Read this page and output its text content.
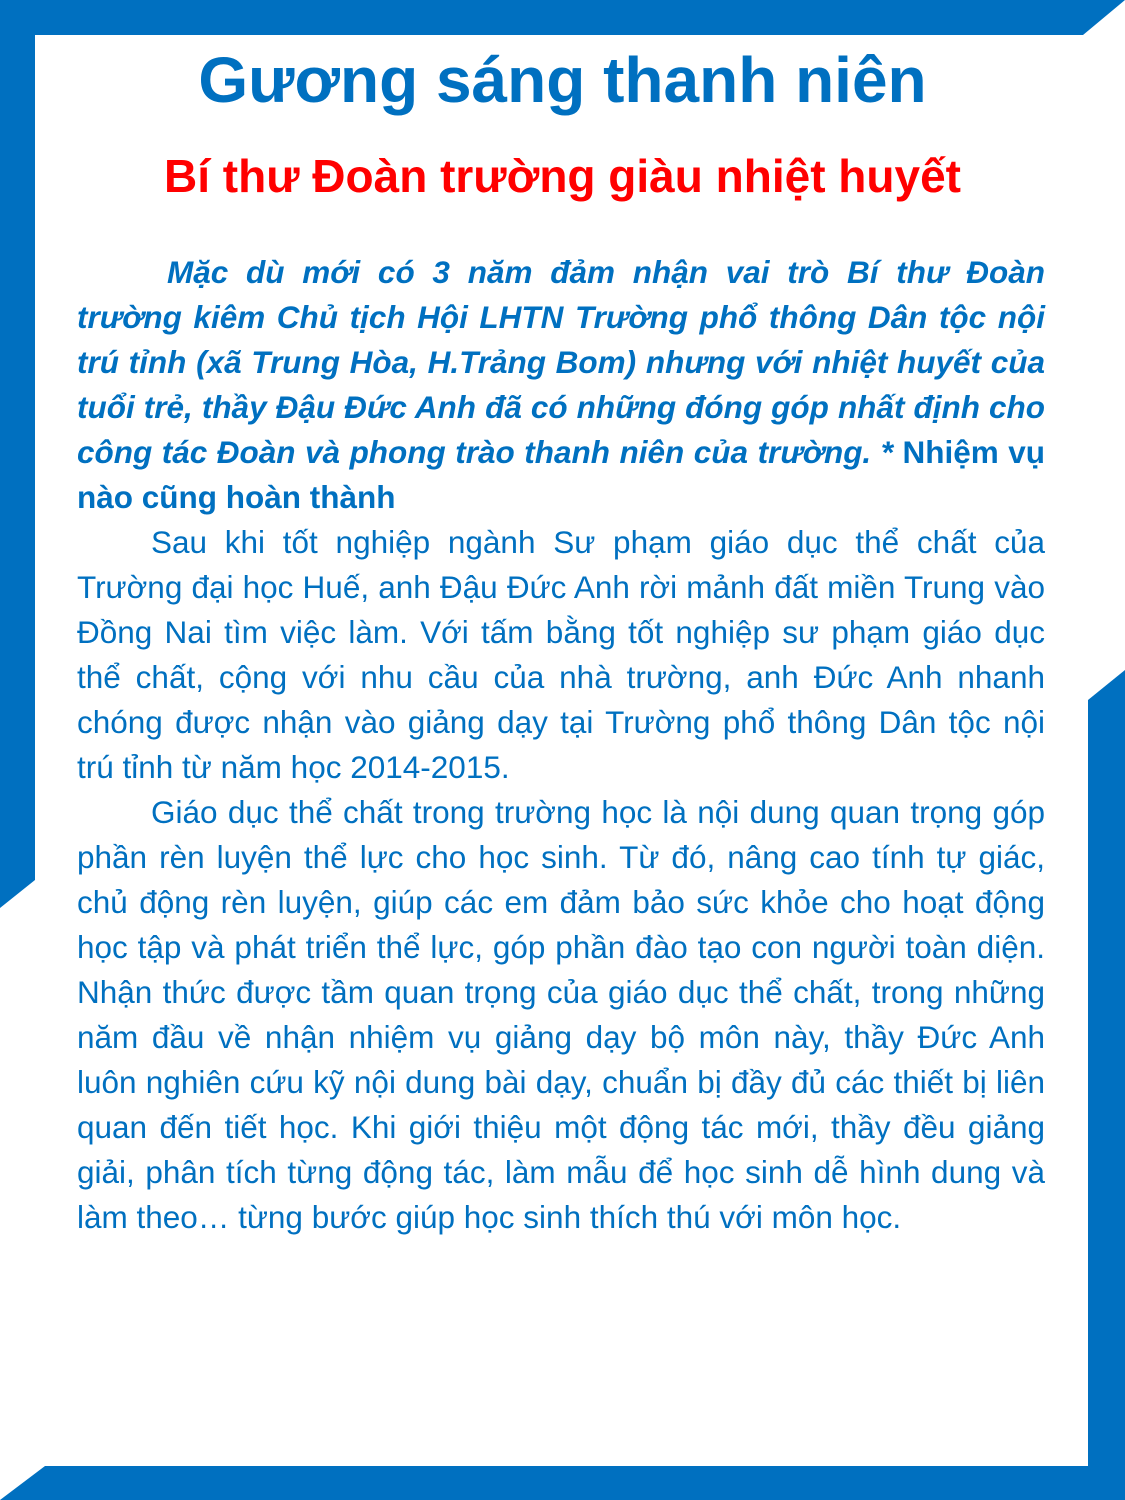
Gương sáng thanh niên
Bí thư Đoàn trường giàu nhiệt huyết

Mặc dù mới có 3 năm đảm nhận vai trò Bí thư Đoàn trường kiêm Chủ tịch Hội LHTN Trường phổ thông Dân tộc nội trú tỉnh (xã Trung Hòa, H.Trảng Bom) nhưng với nhiệt huyết của tuổi trẻ, thầy Đậu Đức Anh đã có những đóng góp nhất định cho công tác Đoàn và phong trào thanh niên của trường. * Nhiệm vụ nào cũng hoàn thành

Sau khi tốt nghiệp ngành Sư phạm giáo dục thể chất của Trường đại học Huế, anh Đậu Đức Anh rời mảnh đất miền Trung vào Đồng Nai tìm việc làm. Với tấm bằng tốt nghiệp sư phạm giáo dục thể chất, cộng với nhu cầu của nhà trường, anh Đức Anh nhanh chóng được nhận vào giảng dạy tại Trường phổ thông Dân tộc nội trú tỉnh từ năm học 2014-2015.

Giáo dục thể chất trong trường học là nội dung quan trọng góp phần rèn luyện thể lực cho học sinh. Từ đó, nâng cao tính tự giác, chủ động rèn luyện, giúp các em đảm bảo sức khỏe cho hoạt động học tập và phát triển thể lực, góp phần đào tạo con người toàn diện. Nhận thức được tầm quan trọng của giáo dục thể chất, trong những năm đầu về nhận nhiệm vụ giảng dạy bộ môn này, thầy Đức Anh luôn nghiên cứu kỹ nội dung bài dạy, chuẩn bị đầy đủ các thiết bị liên quan đến tiết học. Khi giới thiệu một động tác mới, thầy đều giảng giải, phân tích từng động tác, làm mẫu để học sinh dễ hình dung và làm theo… từng bước giúp học sinh thích thú với môn học.
